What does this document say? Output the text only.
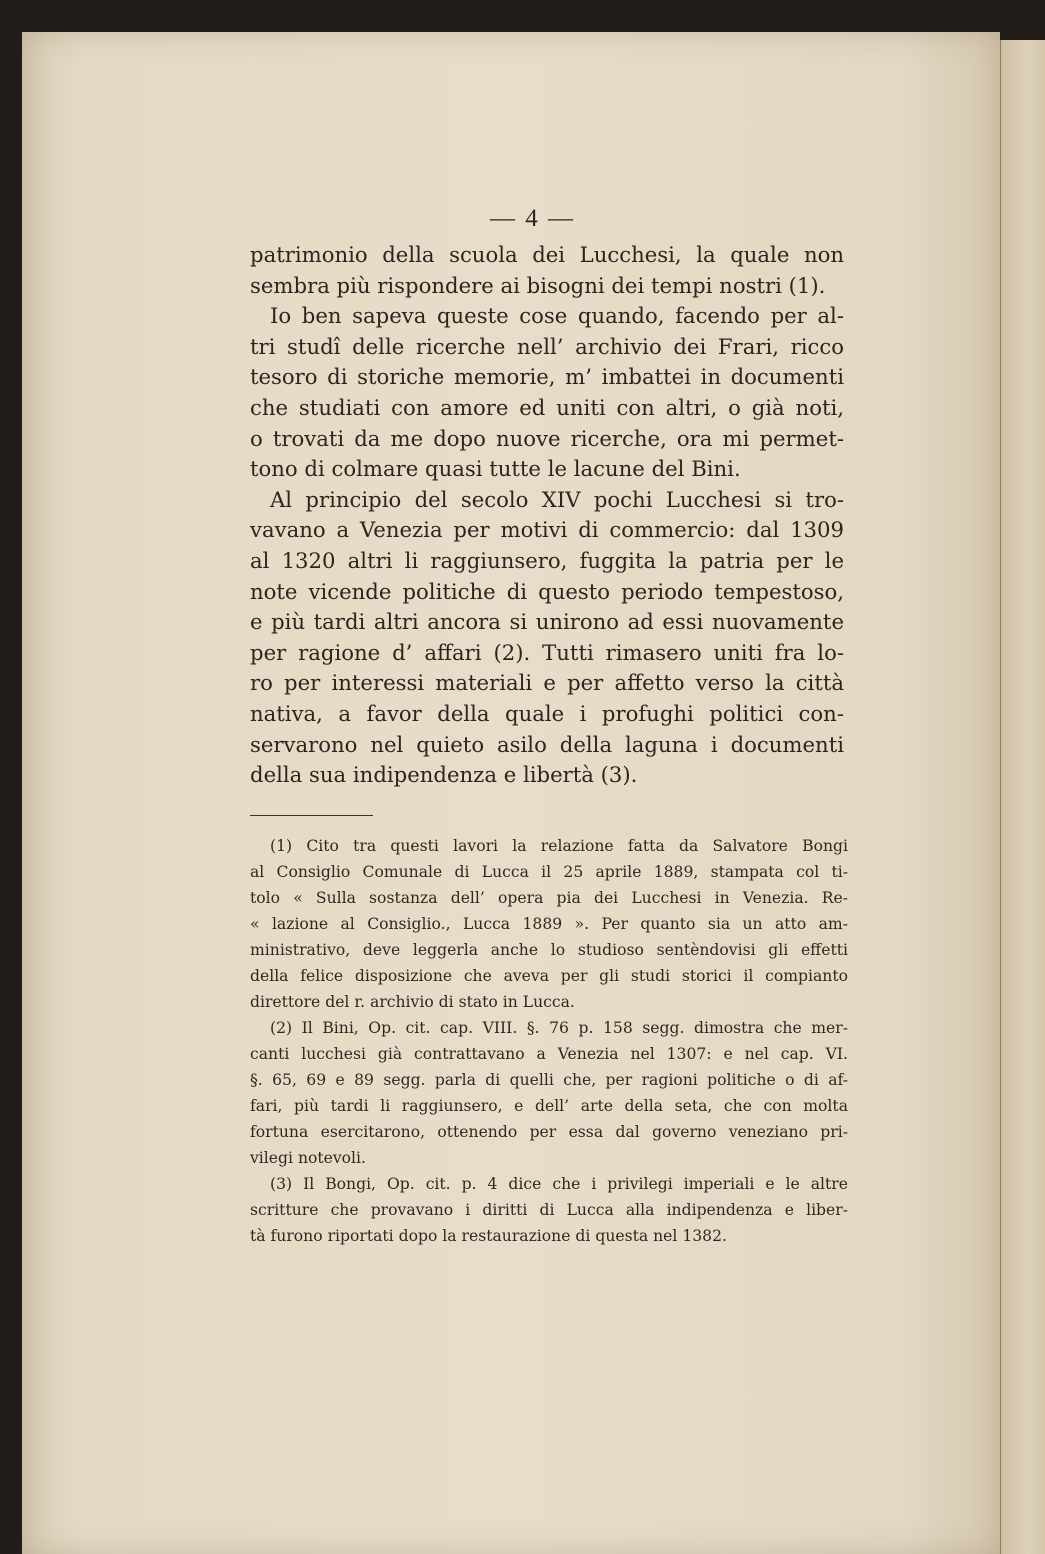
— 4 —
patrimonio della scuola dei Lucchesi, la quale non
sembra più rispondere ai bisogni dei tempi nostri (1).
Io ben sapeva queste cose quando, facendo per al-
tri studî delle ricerche nell’ archivio dei Frari, ricco
tesoro di storiche memorie, m’ imbattei in documenti
che studiati con amore ed uniti con altri, o già noti,
o trovati da me dopo nuove ricerche, ora mi permet-
tono di colmare quasi tutte le lacune del Bini.
Al principio del secolo XIV pochi Lucchesi si tro-
vavano a Venezia per motivi di commercio: dal 1309
al 1320 altri li raggiunsero, fuggita la patria per le
note vicende politiche di questo periodo tempestoso,
e più tardi altri ancora si unirono ad essi nuovamente
per ragione d’ affari (2). Tutti rimasero uniti fra lo-
ro per interessi materiali e per affetto verso la città
nativa, a favor della quale i profughi politici con-
servarono nel quieto asilo della laguna i documenti
della sua indipendenza e libertà (3).
(1) Cito tra questi lavori la relazione fatta da Salvatore Bongi
al Consiglio Comunale di Lucca il 25 aprile 1889, stampata col ti-
tolo « Sulla sostanza dell’ opera pia dei Lucchesi in Venezia. Re-
« lazione al Consiglio., Lucca 1889 ». Per quanto sia un atto am-
ministrativo, deve leggerla anche lo studioso sentèndovisi gli effetti
della felice disposizione che aveva per gli studi storici il compianto
direttore del r. archivio di stato in Lucca.
(2) Il Bini, Op. cit. cap. VIII. §. 76 p. 158 segg. dimostra che mer-
canti lucchesi già contrattavano a Venezia nel 1307: e nel cap. VI.
§. 65, 69 e 89 segg. parla di quelli che, per ragioni politiche o di af-
fari, più tardi li raggiunsero, e dell’ arte della seta, che con molta
fortuna esercitarono, ottenendo per essa dal governo veneziano pri-
vilegi notevoli.
(3) Il Bongi, Op. cit. p. 4 dice che i privilegi imperiali e le altre
scritture che provavano i diritti di Lucca alla indipendenza e liber-
tà furono riportati dopo la restaurazione di questa nel 1382.
